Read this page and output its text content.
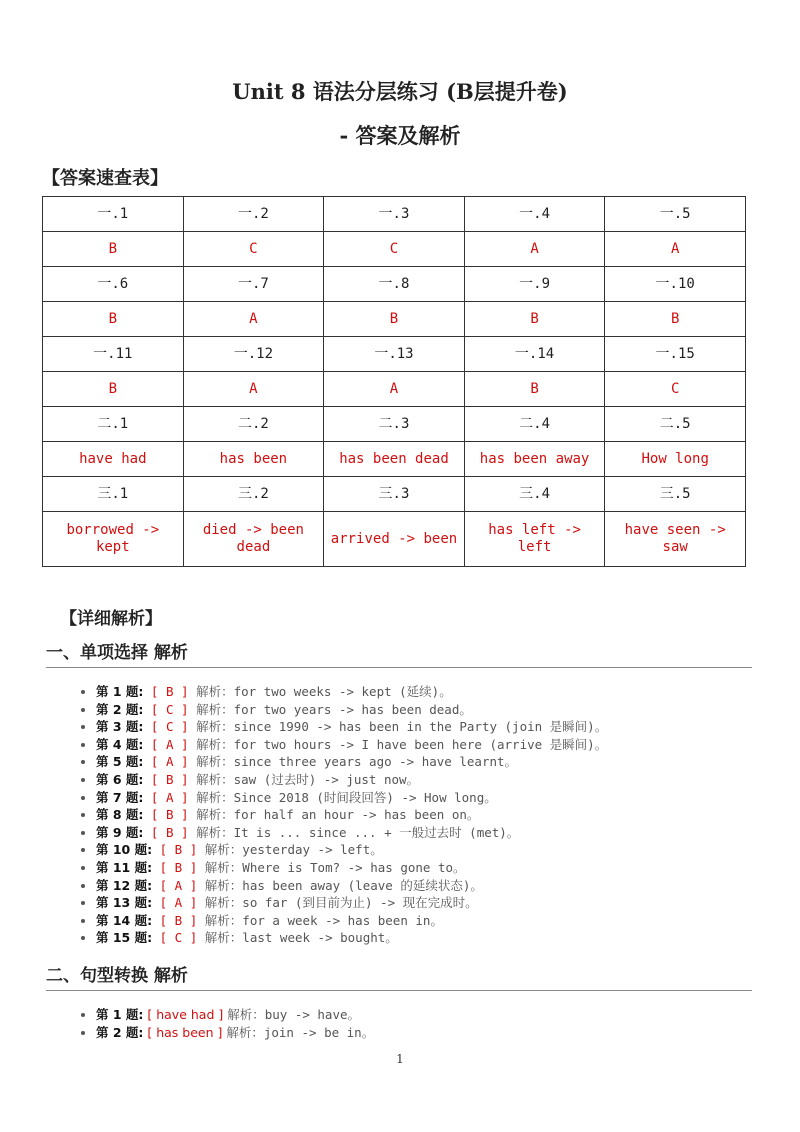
Unit 8 语法分层练习 (B层提升卷)
- 答案及解析
【答案速查表】
一.1	一.2	一.3	一.4	一.5
B	C	C	A	A
一.6	一.7	一.8	一.9	一.10
B	A	B	B	B
一.11	一.12	一.13	一.14	一.15
B	A	A	B	C
二.1	二.2	二.3	二.4	二.5
have had	has been	has been dead	has been away	How long
三.1	三.2	三.3	三.4	三.5
borrowed -> kept	died -> been dead	arrived -> been	has left -> left	have seen -> saw
【详细解析】
一、单项选择 解析
• 第 1 题: [ B ] 解析：for two weeks -> kept (延续)。
• 第 2 题: [ C ] 解析：for two years -> has been dead。
• 第 3 题: [ C ] 解析：since 1990 -> has been in the Party (join 是瞬间)。
• 第 4 题: [ A ] 解析：for two hours -> I have been here (arrive 是瞬间)。
• 第 5 题: [ A ] 解析：since three years ago -> have learnt。
• 第 6 题: [ B ] 解析：saw (过去时) -> just now。
• 第 7 题: [ A ] 解析：Since 2018 (时间段回答) -> How long。
• 第 8 题: [ B ] 解析：for half an hour -> has been on。
• 第 9 题: [ B ] 解析：It is ... since ... + 一般过去时 (met)。
• 第 10 题: [ B ] 解析：yesterday -> left。
• 第 11 题: [ B ] 解析：Where is Tom? -> has gone to。
• 第 12 题: [ A ] 解析：has been away (leave 的延续状态)。
• 第 13 题: [ A ] 解析：so far (到目前为止) -> 现在完成时。
• 第 14 题: [ B ] 解析：for a week -> has been in。
• 第 15 题: [ C ] 解析：last week -> bought。
二、句型转换 解析
• 第 1 题: [ have had ] 解析：buy -> have。
• 第 2 题: [ has been ] 解析：join -> be in。
1
